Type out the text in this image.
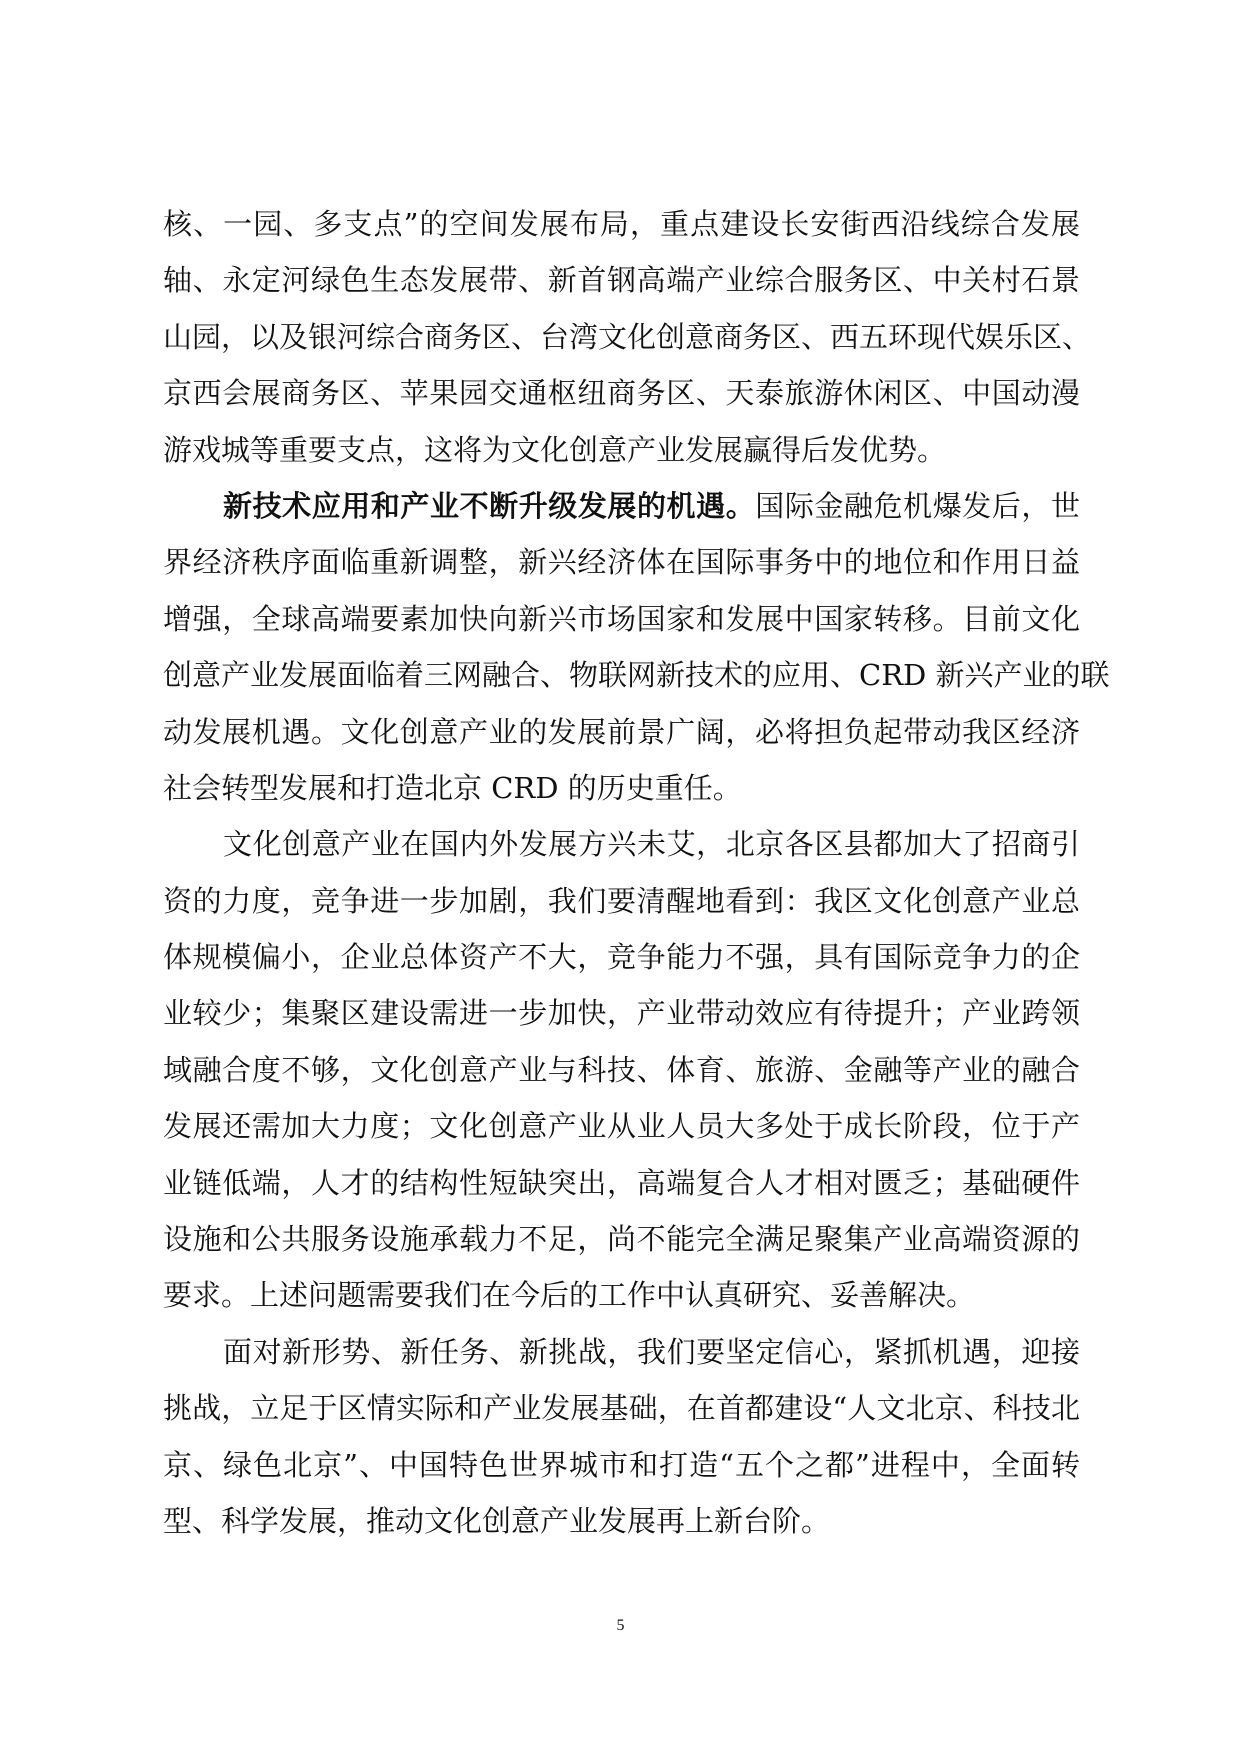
核、一园、多支点”的空间发展布局，重点建设长安街西沿线综合发展
轴、永定河绿色生态发展带、新首钢高端产业综合服务区、中关村石景
山园，以及银河综合商务区、台湾文化创意商务区、西五环现代娱乐区、
京西会展商务区、苹果园交通枢纽商务区、天泰旅游休闲区、中国动漫
游戏城等重要支点，这将为文化创意产业发展赢得后发优势。
新技术应用和产业不断升级发展的机遇。国际金融危机爆发后，世
界经济秩序面临重新调整，新兴经济体在国际事务中的地位和作用日益
增强，全球高端要素加快向新兴市场国家和发展中国家转移。目前文化
创意产业发展面临着三网融合、物联网新技术的应用、CRD 新兴产业的联
动发展机遇。文化创意产业的发展前景广阔，必将担负起带动我区经济
社会转型发展和打造北京 CRD 的历史重任。
文化创意产业在国内外发展方兴未艾，北京各区县都加大了招商引
资的力度，竞争进一步加剧，我们要清醒地看到：我区文化创意产业总
体规模偏小，企业总体资产不大，竞争能力不强，具有国际竞争力的企
业较少；集聚区建设需进一步加快，产业带动效应有待提升；产业跨领
域融合度不够，文化创意产业与科技、体育、旅游、金融等产业的融合
发展还需加大力度；文化创意产业从业人员大多处于成长阶段，位于产
业链低端，人才的结构性短缺突出，高端复合人才相对匮乏；基础硬件
设施和公共服务设施承载力不足，尚不能完全满足聚集产业高端资源的
要求。上述问题需要我们在今后的工作中认真研究、妥善解决。
面对新形势、新任务、新挑战，我们要坚定信心，紧抓机遇，迎接
挑战，立足于区情实际和产业发展基础，在首都建设“人文北京、科技北
京、绿色北京”、中国特色世界城市和打造“五个之都”进程中，全面转
型、科学发展，推动文化创意产业发展再上新台阶。
5
